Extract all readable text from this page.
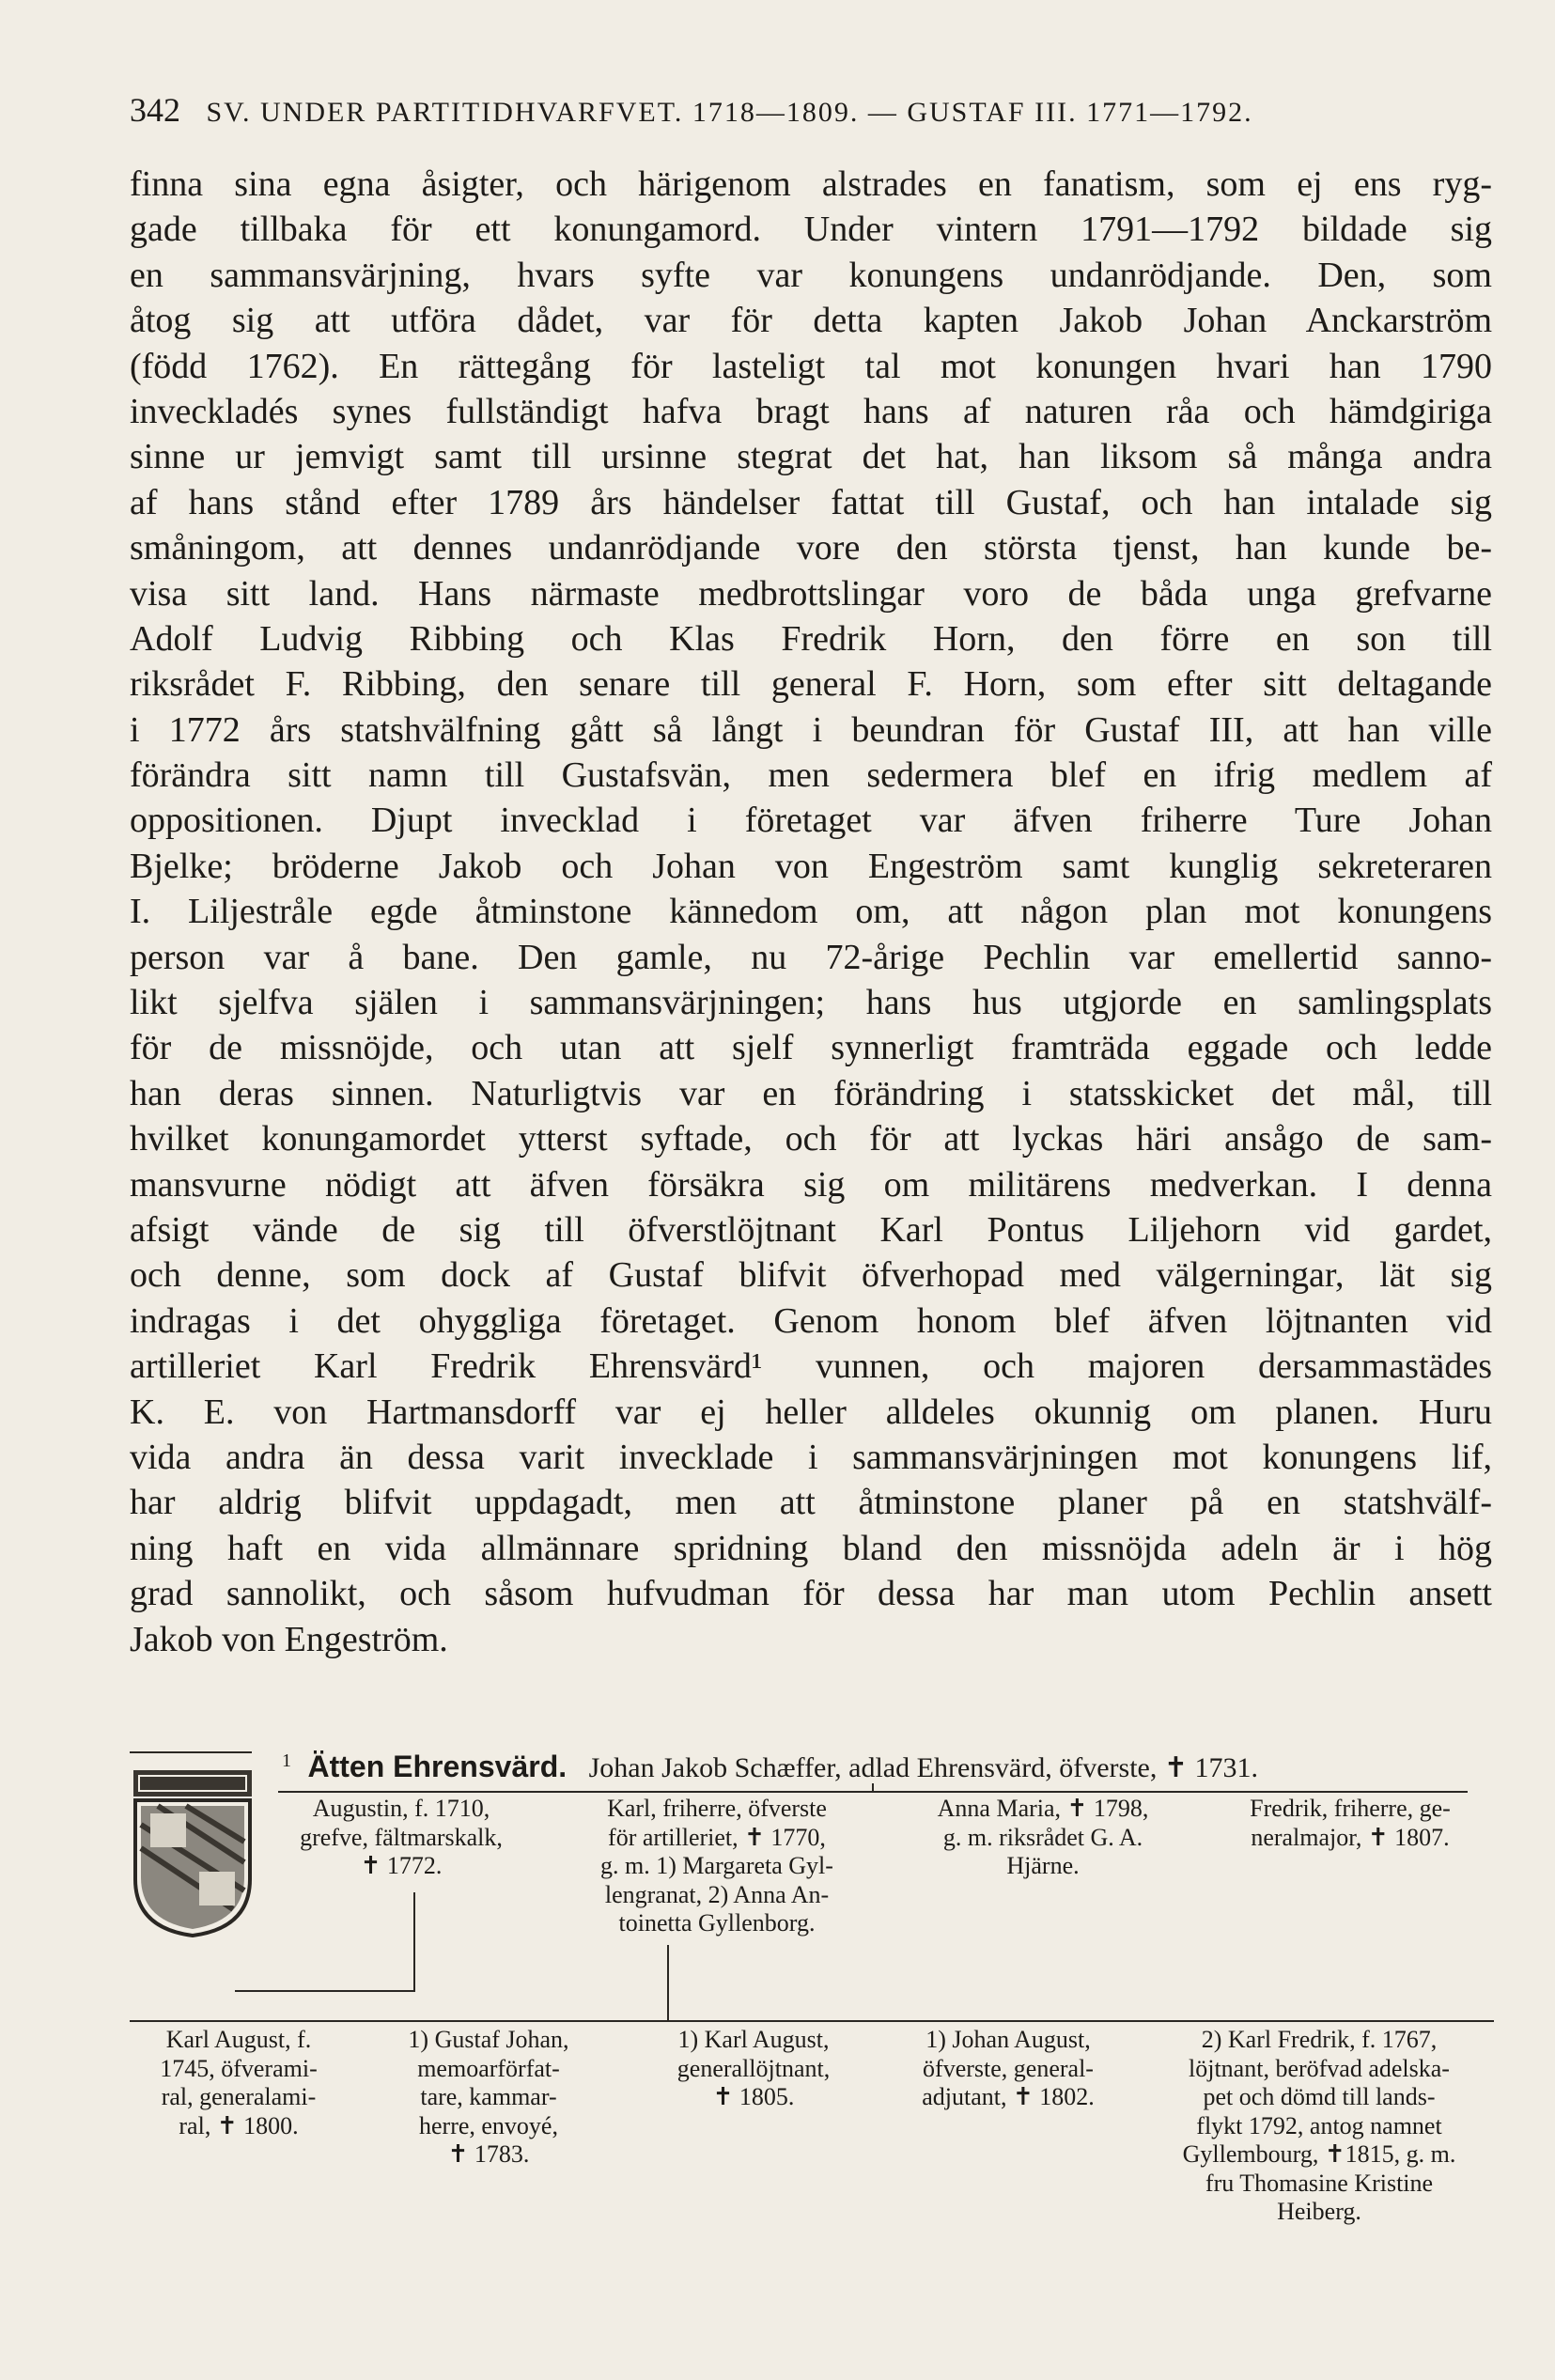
342 SV. UNDER PARTITIDHVARFVET. 1718—1809. — GUSTAF III. 1771—1792.
finna sina egna åsigter, och härigenom alstrades en fanatism, som ej ens ryg-
gade tillbaka för ett konungamord. Under vintern 1791—1792 bildade sig
en sammansvärjning, hvars syfte var konungens undanrödjande. Den, som
åtog sig att utföra dådet, var för detta kapten Jakob Johan Anckarström
(född 1762). En rättegång för lasteligt tal mot konungen hvari han 1790
inveckladés synes fullständigt hafva bragt hans af naturen råa och hämdgiriga
sinne ur jemvigt samt till ursinne stegrat det hat, han liksom så många andra
af hans stånd efter 1789 års händelser fattat till Gustaf, och han intalade sig
småningom, att dennes undanrödjande vore den största tjenst, han kunde be-
visa sitt land. Hans närmaste medbrottslingar voro de båda unga grefvarne
Adolf Ludvig Ribbing och Klas Fredrik Horn, den förre en son till
riksrådet F. Ribbing, den senare till general F. Horn, som efter sitt deltagande
i 1772 års statshvälfning gått så långt i beundran för Gustaf III, att han ville
förändra sitt namn till Gustafsvän, men sedermera blef en ifrig medlem af
oppositionen. Djupt invecklad i företaget var äfven friherre Ture Johan
Bjelke; bröderne Jakob och Johan von Engeström samt kunglig sekreteraren
I. Liljestråle egde åtminstone kännedom om, att någon plan mot konungens
person var å bane. Den gamle, nu 72-årige Pechlin var emellertid sanno-
likt sjelfva själen i sammansvärjningen; hans hus utgjorde en samlingsplats
för de missnöjde, och utan att sjelf synnerligt framträda eggade och ledde
han deras sinnen. Naturligtvis var en förändring i statsskicket det mål, till
hvilket konungamordet ytterst syftade, och för att lyckas häri ansågo de sam-
mansvurne nödigt att äfven försäkra sig om militärens medverkan. I denna
afsigt vände de sig till öfverstlöjtnant Karl Pontus Liljehorn vid gardet,
och denne, som dock af Gustaf blifvit öfverhopad med välgerningar, lät sig
indragas i det ohyggliga företaget. Genom honom blef äfven löjtnanten vid
artilleriet Karl Fredrik Ehrensvärd¹ vunnen, och majoren dersammastädes
K. E. von Hartmansdorff var ej heller alldeles okunnig om planen. Huru
vida andra än dessa varit invecklade i sammansvärjningen mot konungens lif,
har aldrig blifvit uppdagadt, men att åtminstone planer på en statshvälf-
ning haft en vida allmännare spridning bland den missnöjda adeln är i hög
grad sannolikt, och såsom hufvudman för dessa har man utom Pechlin ansett
Jakob von Engeström.
$^1$ Ätten Ehrensvärd. Johan Jakob Schæffer, adlad Ehrensvärd, öfverste, ✝ 1731.
Augustin, f. 1710,
grefve, fältmarskalk,
✝ 1772.
Karl, friherre, öfverste
för artilleriet, ✝ 1770,
g. m. 1) Margareta Gyl-
lengranat, 2) Anna An-
toinetta Gyllenborg.
Anna Maria, ✝ 1798,
g. m. riksrådet G. A.
Hjärne.
Fredrik, friherre, ge-
neralmajor, ✝ 1807.
Karl August, f.
1745, öfverami-
ral, generalami-
ral, ✝ 1800.
1) Gustaf Johan,
memoarförfat-
tare, kammar-
herre, envoyé,
✝ 1783.
1) Karl August,
generallöjtnant,
✝ 1805.
1) Johan August,
öfverste, general-
adjutant, ✝ 1802.
2) Karl Fredrik, f. 1767,
löjtnant, beröfvad adelska-
pet och dömd till lands-
flykt 1792, antog namnet
Gyllembourg, ✝1815, g. m.
fru Thomasine Kristine
Heiberg.
